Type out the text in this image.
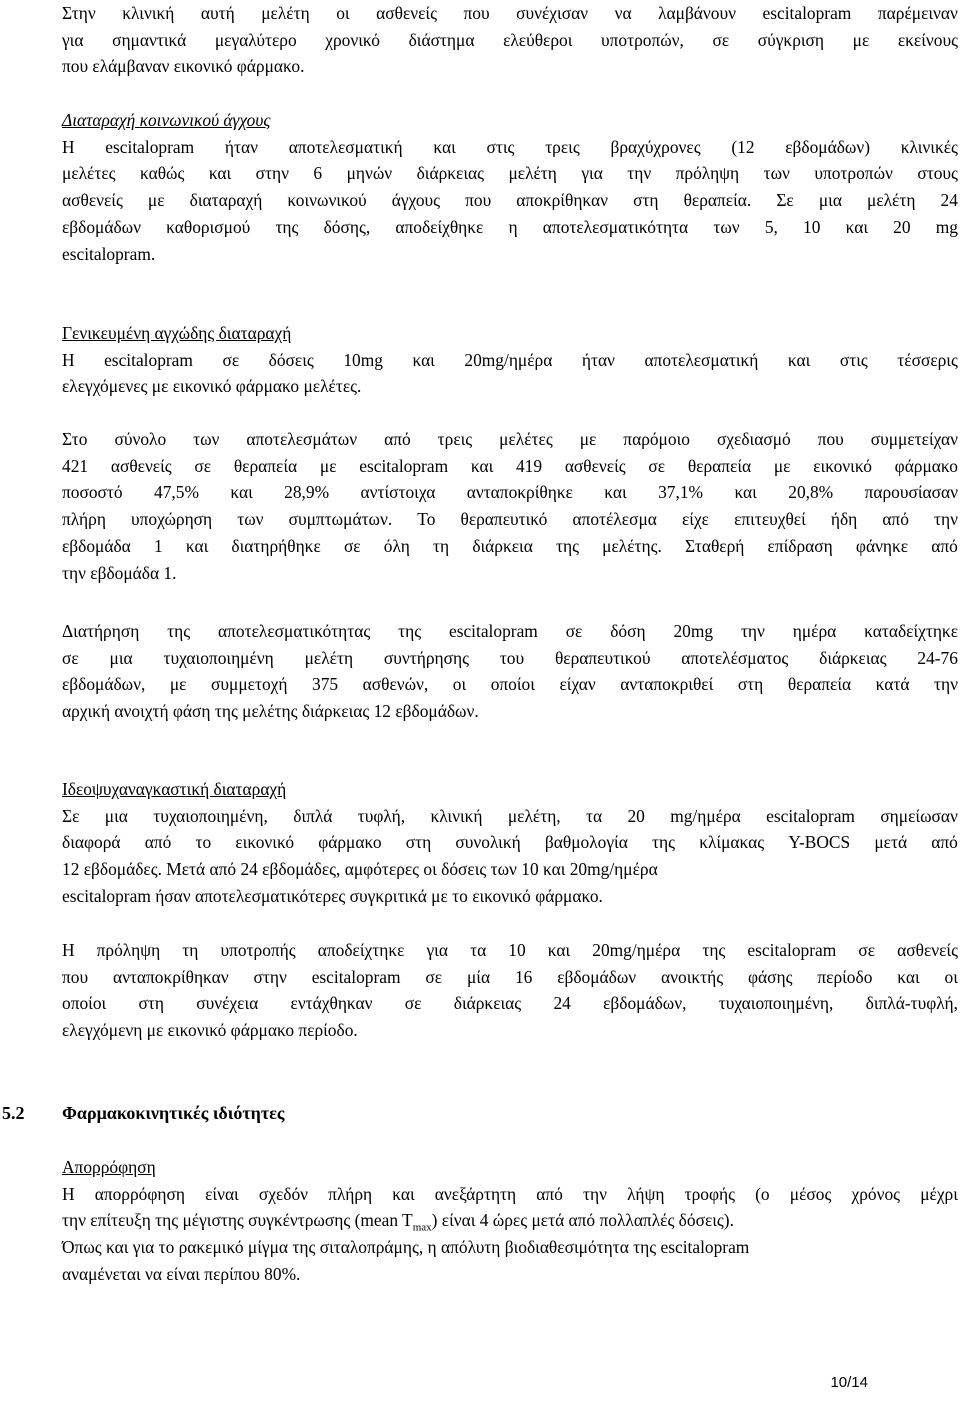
Στην κλινική αυτή μελέτη οι ασθενείς που συνέχισαν να λαμβάνουν escitalopram παρέμειναν
για σημαντικά μεγαλύτερο χρονικό διάστημα ελεύθεροι υποτροπών, σε σύγκριση με εκείνους
που ελάμβαναν εικονικό φάρμακο.
Διαταραχή κοινωνικού άγχους
Η escitalopram ήταν αποτελεσματική και στις τρεις βραχύχρονες (12 εβδομάδων) κλινικές
μελέτες καθώς και στην 6 μηνών διάρκειας μελέτη για την πρόληψη των υποτροπών στους
ασθενείς με διαταραχή κοινωνικού άγχους που αποκρίθηκαν στη θεραπεία. Σε μια μελέτη 24
εβδομάδων καθορισμού της δόσης, αποδείχθηκε η αποτελεσματικότητα των 5, 10 και 20 mg
escitalopram.
Γενικευμένη αγχώδης διαταραχή
Η escitalopram σε δόσεις 10mg και 20mg/ημέρα ήταν αποτελεσματική και στις τέσσερις
ελεγχόμενες με εικονικό φάρμακο μελέτες.
Στο σύνολο των αποτελεσμάτων από τρεις μελέτες με παρόμοιο σχεδιασμό που συμμετείχαν
421 ασθενείς σε θεραπεία με escitalopram και 419 ασθενείς σε θεραπεία με εικονικό φάρμακο
ποσοστό 47,5% και 28,9% αντίστοιχα ανταποκρίθηκε και 37,1% και 20,8% παρουσίασαν
πλήρη υποχώρηση των συμπτωμάτων. Το θεραπευτικό αποτέλεσμα είχε επιτευχθεί ήδη από την
εβδομάδα 1 και διατηρήθηκε σε όλη τη διάρκεια της μελέτης. Σταθερή επίδραση φάνηκε από
την εβδομάδα 1.
Διατήρηση της αποτελεσματικότητας της escitalopram σε δόση 20mg την ημέρα καταδείχτηκε
σε μια τυχαιοποιημένη μελέτη συντήρησης του θεραπευτικού αποτελέσματος διάρκειας 24-76
εβδομάδων, με συμμετοχή 375 ασθενών, οι οποίοι είχαν ανταποκριθεί στη θεραπεία κατά την
αρχική ανοιχτή φάση της μελέτης διάρκειας 12 εβδομάδων.
Ιδεοψυχαναγκαστική διαταραχή
Σε μια τυχαιοποιημένη, διπλά τυφλή, κλινική μελέτη, τα 20 mg/ημέρα escitalopram σημείωσαν
διαφορά από το εικονικό φάρμακο στη συνολική βαθμολογία της κλίμακας Y-BOCS μετά από
12 εβδομάδες. Μετά από 24 εβδομάδες, αμφότερες οι δόσεις των 10 και 20mg/ημέρα
escitalopram ήσαν αποτελεσματικότερες συγκριτικά με το εικονικό φάρμακο.
Η πρόληψη τη υποτροπής αποδείχτηκε για τα 10 και 20mg/ημέρα της escitalopram σε ασθενείς
που ανταποκρίθηκαν στην escitalopram σε μία 16 εβδομάδων ανοικτής φάσης περίοδο και οι
οποίοι στη συνέχεια εντάχθηκαν σε διάρκειας 24 εβδομάδων, τυχαιοποιημένη, διπλά-τυφλή,
ελεγχόμενη με εικονικό φάρμακο περίοδο.
5.2 Φαρμακοκινητικές ιδιότητες
Απορρόφηση
Η απορρόφηση είναι σχεδόν πλήρη και ανεξάρτητη από την λήψη τροφής (ο μέσος χρόνος μέχρι
την επίτευξη της μέγιστης συγκέντρωσης (mean $T_{max}$) είναι 4 ώρες μετά από πολλαπλές δόσεις).
Όπως και για το ρακεμικό μίγμα της σιταλοπράμης, η απόλυτη βιοδιαθεσιμότητα της escitalopram
αναμένεται να είναι περίπου 80%.
10/14
